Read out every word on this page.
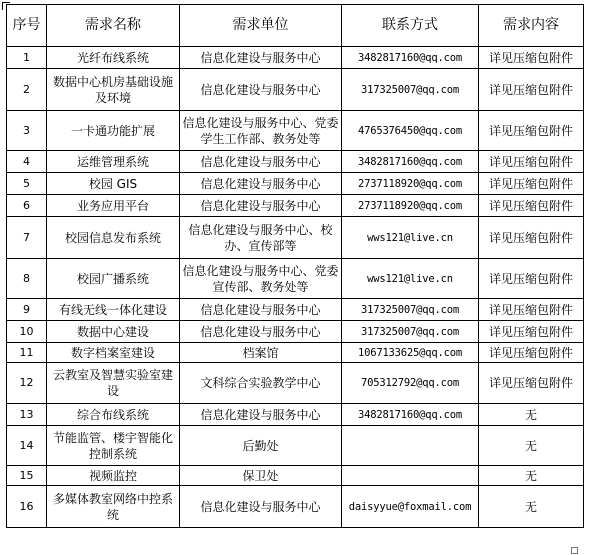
序号	需求名称	需求单位	联系方式	需求内容
1	光纤布线系统	信息化建设与服务中心	3482817160@qq.com	详见压缩包附件
2	数据中心机房基础设施及环境	信息化建设与服务中心	317325007@qq.com	详见压缩包附件
3	一卡通功能扩展	信息化建设与服务中心、党委学生工作部、教务处等	4765376450@qq.com	详见压缩包附件
4	运维管理系统	信息化建设与服务中心	3482817160@qq.com	详见压缩包附件
5	校园 GIS	信息化建设与服务中心	2737118920@qq.com	详见压缩包附件
6	业务应用平台	信息化建设与服务中心	2737118920@qq.com	详见压缩包附件
7	校园信息发布系统	信息化建设与服务中心、校办、宣传部等	wws121@live.cn	详见压缩包附件
8	校园广播系统	信息化建设与服务中心、党委宣传部、教务处等	wws121@live.cn	详见压缩包附件
9	有线无线一体化建设	信息化建设与服务中心	317325007@qq.com	详见压缩包附件
10	数据中心建设	信息化建设与服务中心	317325007@qq.com	详见压缩包附件
11	数字档案室建设	档案馆	1067133625@qq.com	详见压缩包附件
12	云教室及智慧实验室建设	文科综合实验教学中心	705312792@qq.com	详见压缩包附件
13	综合布线系统	信息化建设与服务中心	3482817160@qq.com	无
14	节能监管、楼宇智能化控制系统	后勤处		无
15	视频监控	保卫处		无
16	多媒体教室网络中控系统	信息化建设与服务中心	daisyyue@foxmail.com	无
